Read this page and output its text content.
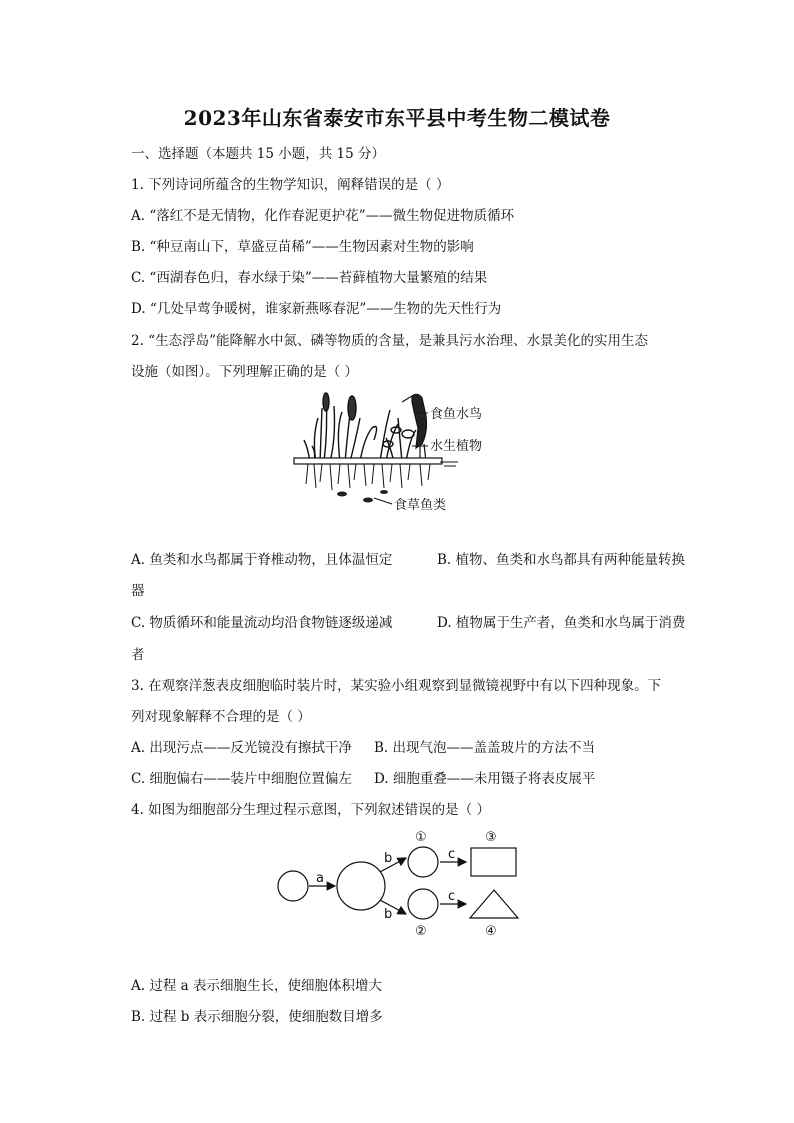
2023年山东省泰安市东平县中考生物二模试卷
一、选择题（本题共 15 小题，共 15 分）
1. 下列诗词所蕴含的生物学知识，阐释错误的是（ ）
A. “落红不是无情物，化作春泥更护花”——微生物促进物质循环
B. “种豆南山下，草盛豆苗稀”——生物因素对生物的影响
C. “西湖春色归，春水绿于染”——苔藓植物大量繁殖的结果
D. “几处早莺争暖树，谁家新燕啄春泥”——生物的先天性行为
2. “生态浮岛”能降解水中氮、磷等物质的含量，是兼具污水治理、水景美化的实用生态
设施（如图）。下列理解正确的是（ ）
食鱼水鸟
水生植物
食草鱼类
A. 鱼类和水鸟都属于脊椎动物，且体温恒定	B. 植物、鱼类和水鸟都具有两种能量转换
器
C. 物质循环和能量流动均沿食物链逐级递减	D. 植物属于生产者，鱼类和水鸟属于消费
者
3. 在观察洋葱表皮细胞临时装片时，某实验小组观察到显微镜视野中有以下四种现象。下
列对现象解释不合理的是（ ）
A. 出现污点——反光镜没有擦拭干净 B. 出现气泡——盖盖玻片的方法不当
C. 细胞偏右——装片中细胞位置偏左 D. 细胞重叠——未用镊子将表皮展平
4. 如图为细胞部分生理过程示意图，下列叙述错误的是（ ）
a
b
b
c
c
①
②
③
④
A. 过程 a 表示细胞生长，使细胞体积增大
B. 过程 b 表示细胞分裂，使细胞数目增多
